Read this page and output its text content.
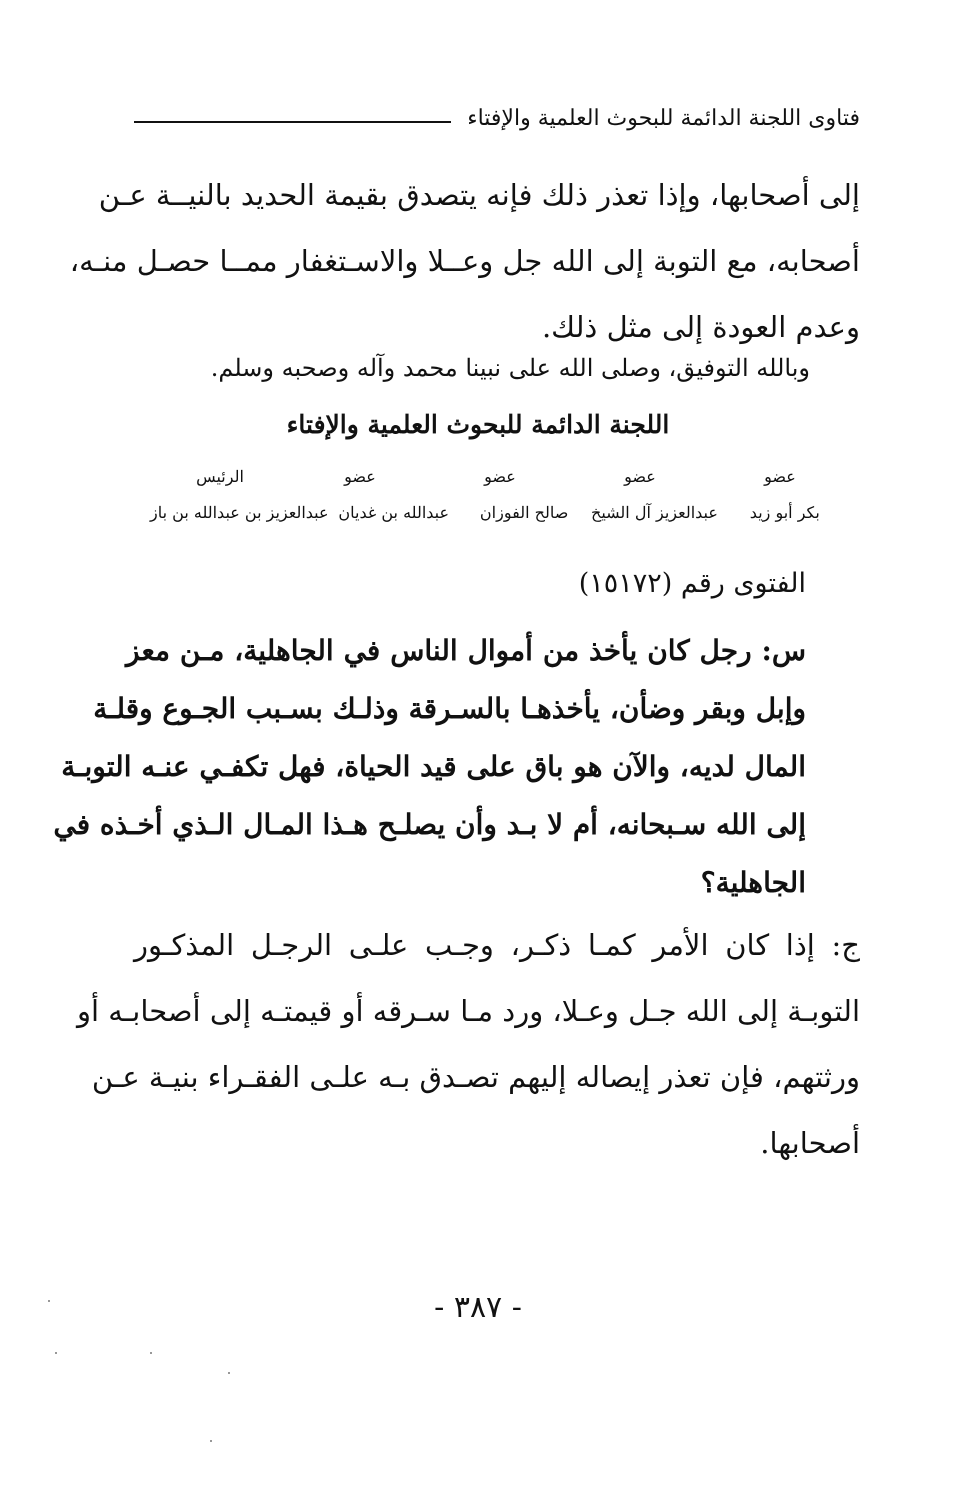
فتاوى اللجنة الدائمة للبحوث العلمية والإفتاء
إلى أصحابها، وإذا تعذر ذلك فإنه يتصدق بقيمة الحديد بالنيــة عـن
أصحابه، مع التوبة إلى الله جل وعــلا والاسـتغفار ممــا حصـل منـه،
وعدم العودة إلى مثل ذلك.
وبالله التوفيق، وصلى الله على نبينا محمد وآله وصحبه وسلم.
اللجنة الدائمة للبحوث العلمية والإفتاء
عضو
عضو
عضو
عضو
الرئيس
بكر أبو زيد
عبدالعزيز آل الشيخ
صالح الفوزان
عبدالله بن غديان
عبدالعزيز بن عبدالله بن باز
الفتوى رقم (١٥١٧٢)
س: رجل كان يأخذ من أموال الناس في الجاهلية، مـن معز
وإبل وبقر وضأن، يأخذهـا بالسـرقة وذلـك بسـبب الجـوع وقلـة
المال لديه، والآن هو باق على قيد الحياة، فهل تكفـي عنـه التوبـة
إلى الله سـبحانه، أم لا بـد وأن يصلـح هـذا المـال الـذي أخـذه في
الجاهلية؟
ج: إذا كان الأمر كمـا ذكـر، وجـب علـى الرجـل المذكـور
التوبـة إلى الله جـل وعـلا، ورد مـا سـرقه أو قيمتـه إلى أصحابـه أو
ورثتهم، فإن تعذر إيصاله إليهم تصـدق بـه علـى الفقـراء بنيـة عـن
أصحابها.
- ٣٨٧ -
